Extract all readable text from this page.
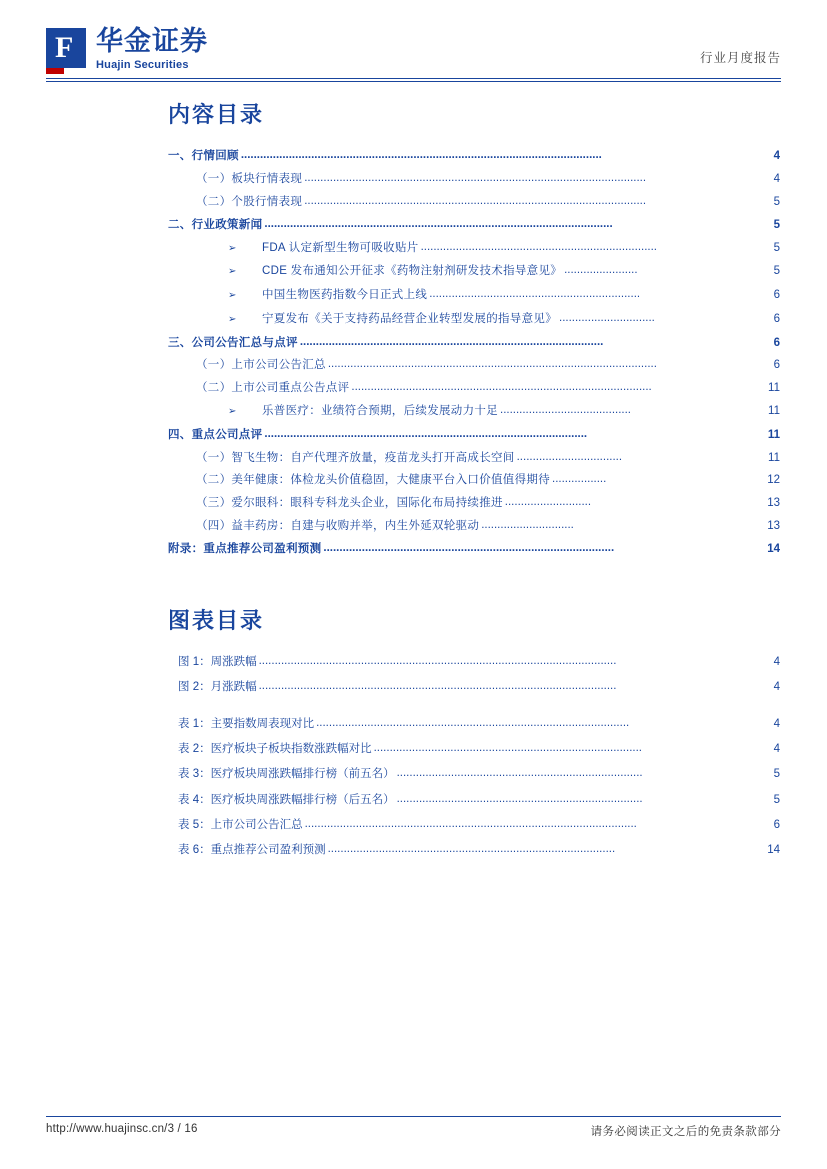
F 华金证券
Huajin Securities	行业月度报告
内容目录
一、行情回顾 .................................................................................................................	4
（一）板块行情表现 ...........................................................................................................	4
（二）个股行情表现 ...........................................................................................................	5
二、行业政策新闻 .............................................................................................................	5
➢	FDA 认定新型生物可吸收贴片 ..........................................................................	5
➢	CDE 发布通知公开征求《药物注射剂研发技术指导意见》 .......................	5
➢	中国生物医药指数今日正式上线 ..................................................................	6
➢	宁夏发布《关于支持药品经营企业转型发展的指导意见》 ..............................	6
三、公司公告汇总与点评 ...............................................................................................	6
（一）上市公司公告汇总 .......................................................................................................	6
（二）上市公司重点公告点评 ..............................................................................................	11
➢	乐普医疗：业绩符合预期，后续发展动力十足 .........................................	11
四、重点公司点评 .....................................................................................................	11
（一）智飞生物：自产代理齐放量，疫苗龙头打开高成长空间 .................................	11
（二）美年健康：体检龙头价值稳固，大健康平台入口价值值得期待 .................	12
（三）爱尔眼科：眼科专科龙头企业，国际化布局持续推进 ...........................	13
（四）益丰药房：自建与收购并举，内生外延双轮驱动 .............................	13
附录：重点推荐公司盈利预测 ...........................................................................................	14
图表目录
图 1：周涨跌幅 ................................................................................................................	4
图 2：月涨跌幅 ................................................................................................................	4
表 1：主要指数周表现对比 ..................................................................................................	4
表 2：医疗板块子板块指数涨跌幅对比 ....................................................................................	4
表 3：医疗板块周涨跌幅排行榜（前五名） .............................................................................	5
表 4：医疗板块周涨跌幅排行榜（后五名） .............................................................................	5
表 5：上市公司公告汇总 ........................................................................................................	6
表 6：重点推荐公司盈利预测 ..........................................................................................	14
http://www.huajinsc.cn/3 / 16	请务必阅读正文之后的免责条款部分
